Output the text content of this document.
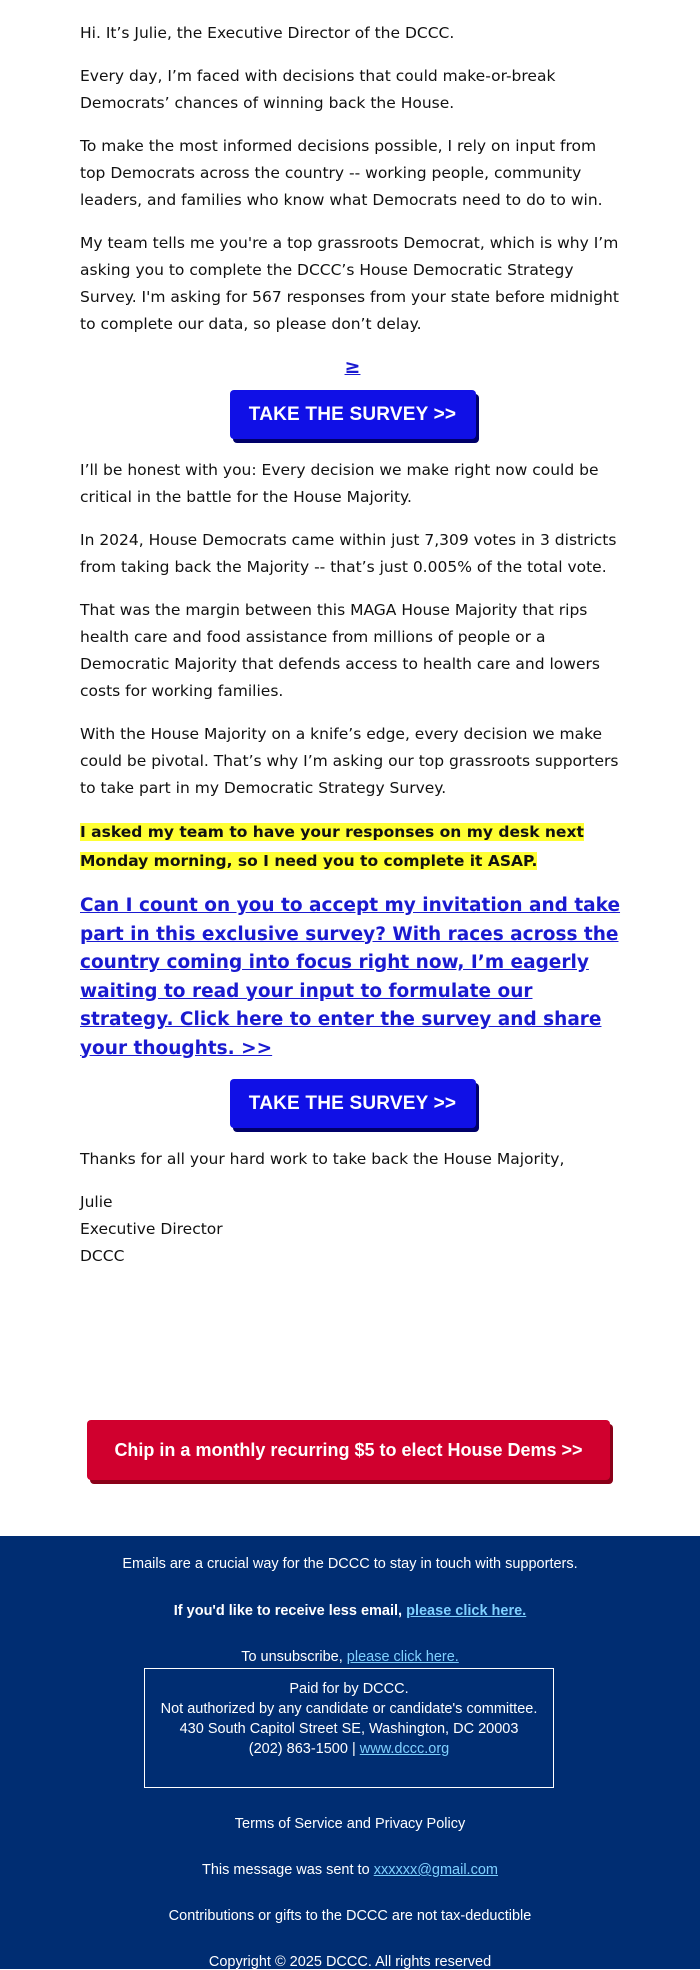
Hi. It’s Julie, the Executive Director of the DCCC.

Every day, I’m faced with decisions that could make-or-break Democrats’ chances of winning back the House.

To make the most informed decisions possible, I rely on input from top Democrats across the country -- working people, community leaders, and families who know what Democrats need to do to win.

My team tells me you're a top grassroots Democrat, which is why I’m asking you to complete the DCCC’s House Democratic Strategy Survey. I'm asking for 567 responses from your state before midnight to complete our data, so please don’t delay.

≥

TAKE THE SURVEY >>

I’ll be honest with you: Every decision we make right now could be critical in the battle for the House Majority.

In 2024, House Democrats came within just 7,309 votes in 3 districts from taking back the Majority -- that’s just 0.005% of the total vote.

That was the margin between this MAGA House Majority that rips health care and food assistance from millions of people or a Democratic Majority that defends access to health care and lowers costs for working families.

With the House Majority on a knife’s edge, every decision we make could be pivotal. That’s why I’m asking our top grassroots supporters to take part in my Democratic Strategy Survey.

I asked my team to have your responses on my desk next Monday morning, so I need you to complete it ASAP.

Can I count on you to accept my invitation and take part in this exclusive survey? With races across the country coming into focus right now, I’m eagerly waiting to read your input to formulate our strategy. Click here to enter the survey and share your thoughts. >>

TAKE THE SURVEY >>

Thanks for all your hard work to take back the House Majority,

Julie
Executive Director
DCCC

Chip in a monthly recurring $5 to elect House Dems >>
Emails are a crucial way for the DCCC to stay in touch with supporters.
If you'd like to receive less email, please click here.
To unsubscribe, please click here.
Paid for by DCCC.
Not authorized by any candidate or candidate's committee.
430 South Capitol Street SE, Washington, DC 20003
(202) 863-1500 | www.dccc.org
Terms of Service and Privacy Policy
This message was sent to xxxxxx@gmail.com
Contributions or gifts to the DCCC are not tax-deductible
Copyright © 2025 DCCC. All rights reserved
